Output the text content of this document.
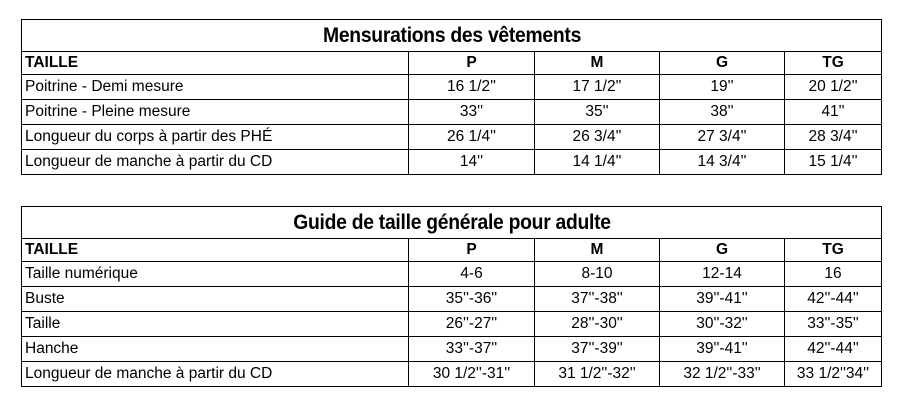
Mensurations des vêtements				
TAILLE	P	M	G	TG
Poitrine - Demi mesure	16 1/2''	17 1/2''	19''	20 1/2''
Poitrine - Pleine mesure	33''	35''	38''	41''
Longueur du corps à partir des PHÉ	26 1/4''	26 3/4''	27 3/4''	28 3/4''
Longueur de manche à partir du CD	14''	14 1/4''	14 3/4''	15 1/4''
Guide de taille générale pour adulte				
TAILLE	P	M	G	TG
Taille numérique	4-6	8-10	12-14	16
Buste	35''-36''	37''-38''	39''-41''	42''-44''
Taille	26''-27''	28''-30''	30''-32''	33''-35''
Hanche	33''-37''	37''-39''	39''-41''	42''-44''
Longueur de manche à partir du CD	30 1/2''-31''	31 1/2''-32''	32 1/2''-33''	33 1/2''34''
